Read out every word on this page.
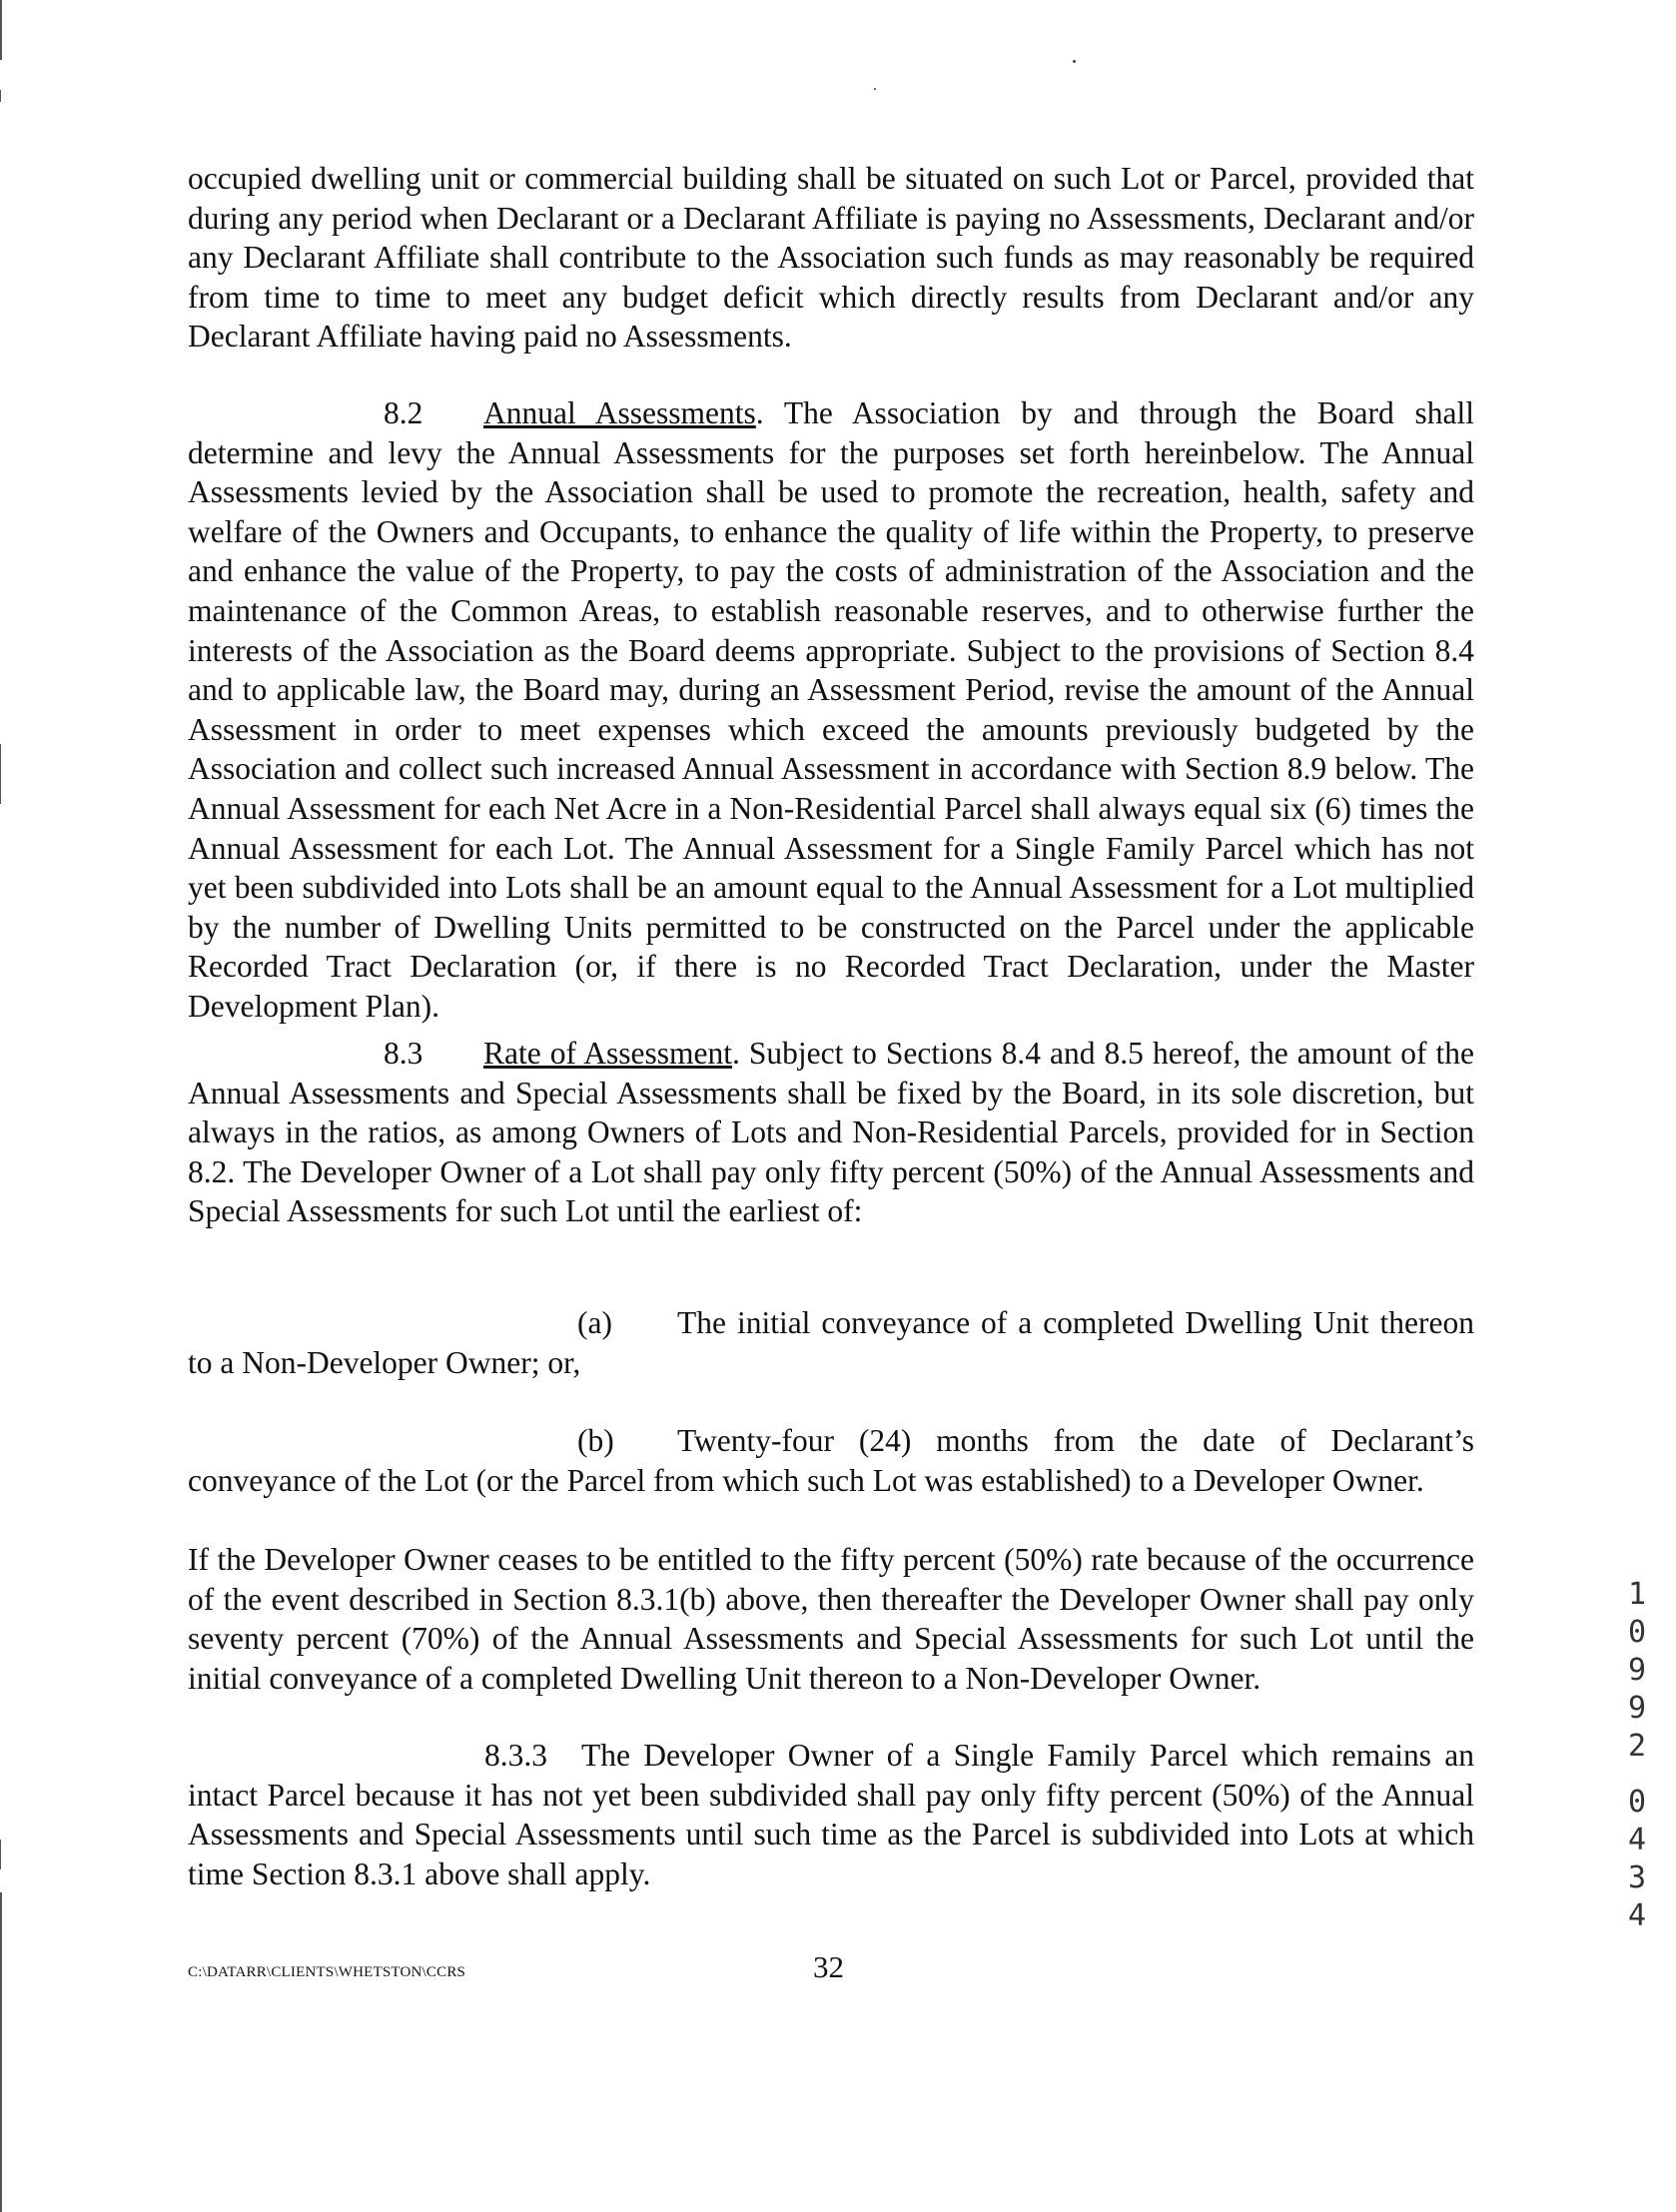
occupied dwelling unit or commercial building shall be situated on such Lot or Parcel, provided that during any period when Declarant or a Declarant Affiliate is paying no Assessments, Declarant and/or any Declarant Affiliate shall contribute to the Association such funds as may reasonably be required from time to time to meet any budget deficit which directly results from Declarant and/or any Declarant Affiliate having paid no Assessments.

8.2 Annual Assessments. The Association by and through the Board shall determine and levy the Annual Assessments for the purposes set forth hereinbelow. The Annual Assessments levied by the Association shall be used to promote the recreation, health, safety and welfare of the Owners and Occupants, to enhance the quality of life within the Property, to preserve and enhance the value of the Property, to pay the costs of administration of the Association and the maintenance of the Common Areas, to establish reasonable reserves, and to otherwise further the interests of the Association as the Board deems appropriate. Subject to the provisions of Section 8.4 and to applicable law, the Board may, during an Assessment Period, revise the amount of the Annual Assessment in order to meet expenses which exceed the amounts previously budgeted by the Association and collect such increased Annual Assessment in accordance with Section 8.9 below. The Annual Assessment for each Net Acre in a Non-Residential Parcel shall always equal six (6) times the Annual Assessment for each Lot. The Annual Assessment for a Single Family Parcel which has not yet been subdivided into Lots shall be an amount equal to the Annual Assessment for a Lot multiplied by the number of Dwelling Units permitted to be constructed on the Parcel under the applicable Recorded Tract Declaration (or, if there is no Recorded Tract Declaration, under the Master Development Plan).

8.3 Rate of Assessment. Subject to Sections 8.4 and 8.5 hereof, the amount of the Annual Assessments and Special Assessments shall be fixed by the Board, in its sole discretion, but always in the ratios, as among Owners of Lots and Non-Residential Parcels, provided for in Section 8.2. The Developer Owner of a Lot shall pay only fifty percent (50%) of the Annual Assessments and Special Assessments for such Lot until the earliest of:

(a) The initial conveyance of a completed Dwelling Unit thereon to a Non-Developer Owner; or,

(b) Twenty-four (24) months from the date of Declarant’s conveyance of the Lot (or the Parcel from which such Lot was established) to a Developer Owner.

If the Developer Owner ceases to be entitled to the fifty percent (50%) rate because of the occurrence of the event described in Section 8.3.1(b) above, then thereafter the Developer Owner shall pay only seventy percent (70%) of the Annual Assessments and Special Assessments for such Lot until the initial conveyance of a completed Dwelling Unit thereon to a Non-Developer Owner.

8.3.3 The Developer Owner of a Single Family Parcel which remains an intact Parcel because it has not yet been subdivided shall pay only fifty percent (50%) of the Annual Assessments and Special Assessments until such time as the Parcel is subdivided into Lots at which time Section 8.3.1 above shall apply.

C:\DATARR\CLIENTS\WHETSTON\CCRS	32
1
0
9
9
2
0
4
3
4
